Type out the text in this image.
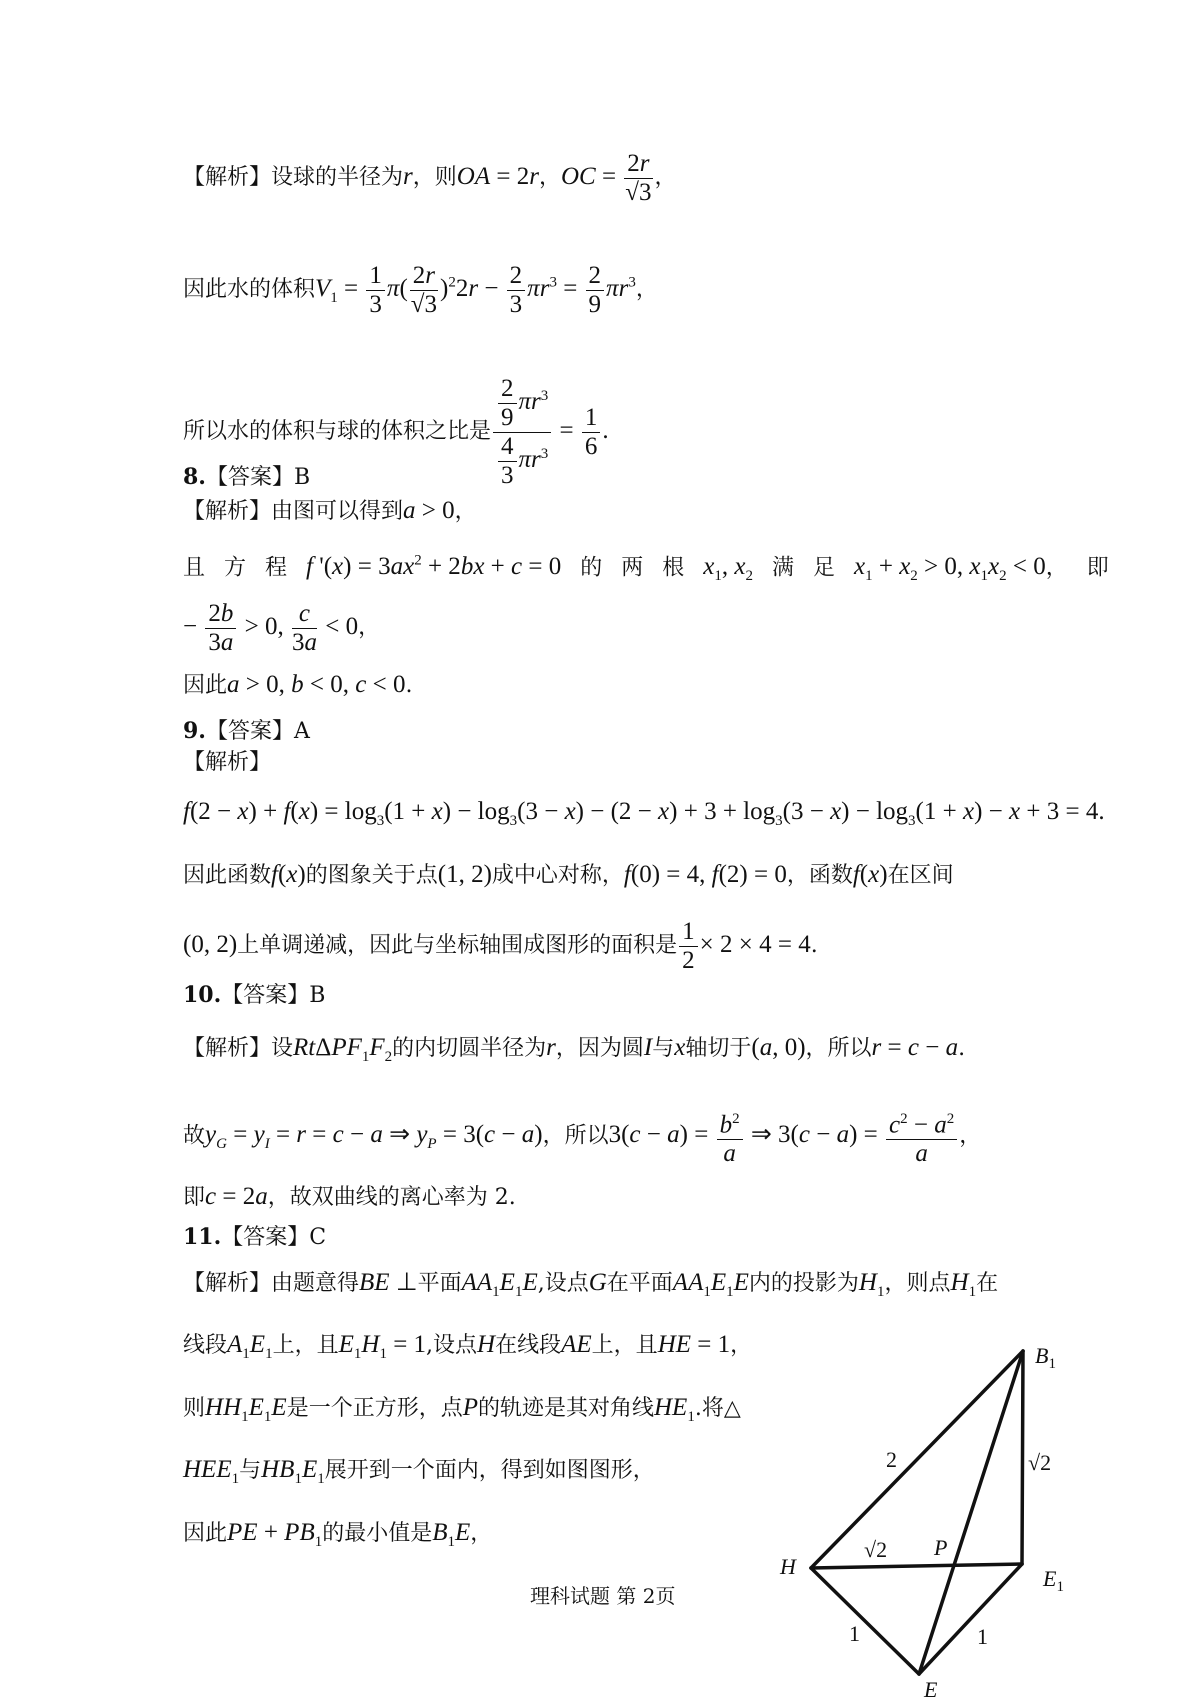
【解析】设球的半径为r，则OA = 2r，OC = $\frac{2r}{√3}$ ，
因此水的体积$V_1 = \frac{1}{3} \pi( \frac{2r}{√3} )^22r - \frac{2}{3} \pi r^3 = \frac{2}{9} \pi r^3$，
所以水的体积与球的体积之比是 $\frac{\frac{2}{9} \pi r^3}{\frac{4}{3} \pi r^3} = \frac{1}{6}$ .
8.【答案】B
【解析】由图可以得到a > 0，
且 方 程 f '$(x) = 3ax^2 + 2bx + c = 0$ 的 两 根 $x_1$, $x_2$ 满 足 $x_1 + x_2 > 0$, $x_1x_2 < 0$， 即
− $\frac{2b}{3a} > 0$, $\frac{c}{3a} < 0$，
因此a > 0, b < 0, c < 0.
9.【答案】A
【解析】
$f(2 - x) + f(x) = \log_3(1 + x) - \log_3(3 - x) - (2 - x) + 3 + \log_3(3 - x) - \log_3(1 + x) - x + 3 = 4$.
因此函数f(x)的图象关于点(1, 2)成中心对称，f(0) = 4, f(2) = 0，函数f(x)在区间
(0, 2)上单调递减，因此与坐标轴围成图形的面积是 $\frac{1}{2} \times 2 \times 4 = 4$.
10.【答案】B
【解析】设$Rt\Delta PF_1F_2$的内切圆半径为r，因为圆I与x轴切于(a, 0)，所以r = c − a.
故$y_G = y_I = r = c - a$ ⇒ $y_P = 3(c - a)$，所以$3(c - a) = \frac{b^2}{a}$ ⇒ $3(c - a) = \frac{c^2 - a^2}{a}$ ，
即c = 2a，故双曲线的离心率为 2.
11.【答案】C
【解析】由题意得BE ⊥平面$AA_1E_1E$,设点G在平面$AA_1E_1E$内的投影为$H_1$，则点$H_1$在
线段$A_1E_1$上，且$E_1H_1 = 1$,设点H在线段AE上，且HE = 1，
则$HH_1E_1E$是一个正方形，点P的轨迹是其对角线$HE_1$.将△
$HEE_1$与$HB_1E_1$展开到一个面内，得到如图图形，
因此PE + $PB_1$的最小值是$B_1E$，
理科试题 第 2页
$B_1$
H
P
$E_1$
E
2	√2
√2
1	1
